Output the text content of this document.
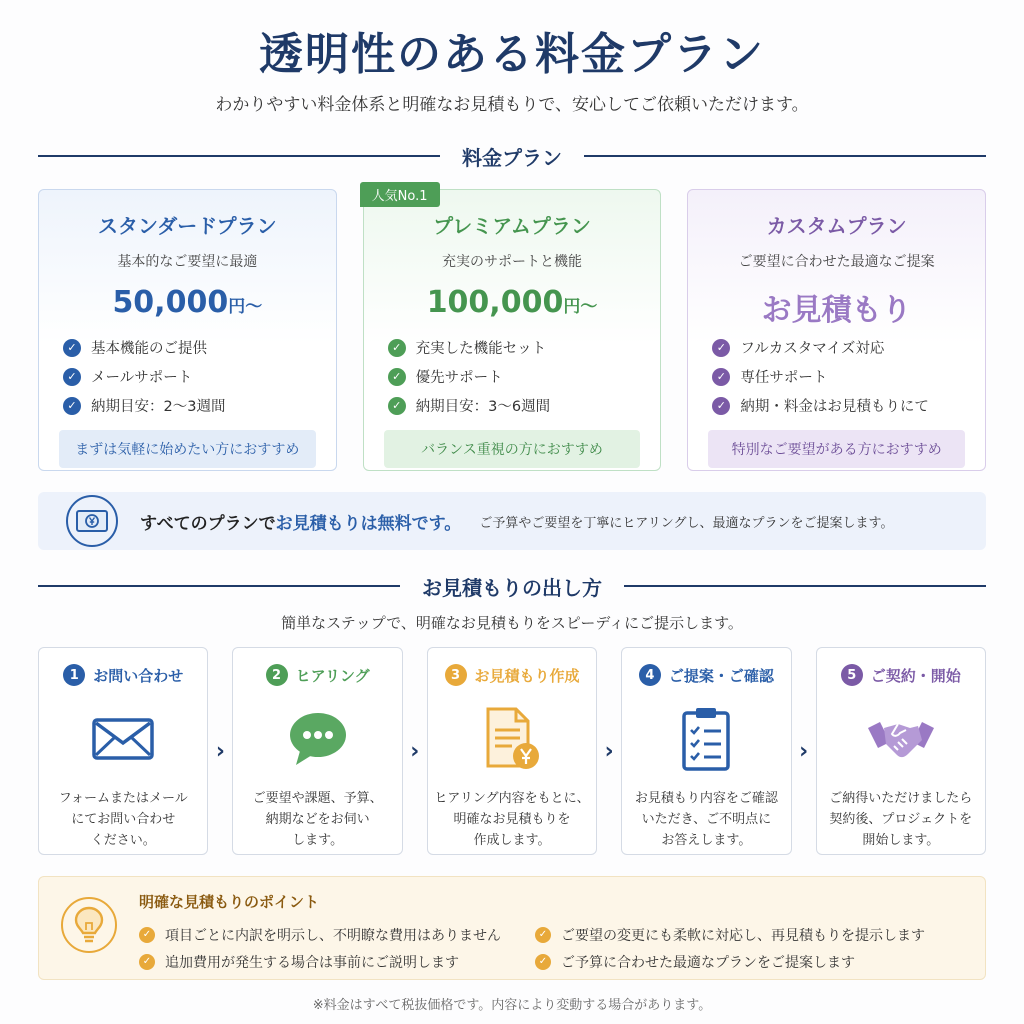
透明性のある料金プラン
わかりやすい料金体系と明確なお見積もりで、安心してご依頼いただけます。
料金プラン
スタンダードプラン
基本的なご要望に最適
50,000円〜
✓ 基本機能のご提供
✓ メールサポート
✓ 納期目安：2〜3週間
まずは気軽に始めたい方におすすめ
人気No.1
プレミアムプラン
充実のサポートと機能
100,000円〜
✓ 充実した機能セット
✓ 優先サポート
✓ 納期目安：3〜6週間
バランス重視の方におすすめ
カスタムプラン
ご要望に合わせた最適なご提案
お見積もり
✓ フルカスタマイズ対応
✓ 専任サポート
✓ 納期・料金はお見積もりにて
特別なご要望がある方におすすめ
すべてのプランでお見積もりは無料です。 ご予算やご要望を丁寧にヒアリングし、最適なプランをご提案します。
お見積もりの出し方
簡単なステップで、明確なお見積もりをスピーディにご提示します。
1 お問い合わせ
フォームまたはメール
にてお問い合わせ
ください。
›
2 ヒアリング
ご要望や課題、予算、
納期などをお伺い
します。
›
3 お見積もり作成
ヒアリング内容をもとに、
明確なお見積もりを
作成します。
›
4 ご提案・ご確認
お見積もり内容をご確認
いただき、ご不明点に
お答えします。
›
5 ご契約・開始
ご納得いただけましたら
契約後、プロジェクトを
開始します。
明確な見積もりのポイント
✓ 項目ごとに内訳を明示し、不明瞭な費用はありません
✓ 追加費用が発生する場合は事前にご説明します
✓ ご要望の変更にも柔軟に対応し、再見積もりを提示します
✓ ご予算に合わせた最適なプランをご提案します
※料金はすべて税抜価格です。内容により変動する場合があります。
